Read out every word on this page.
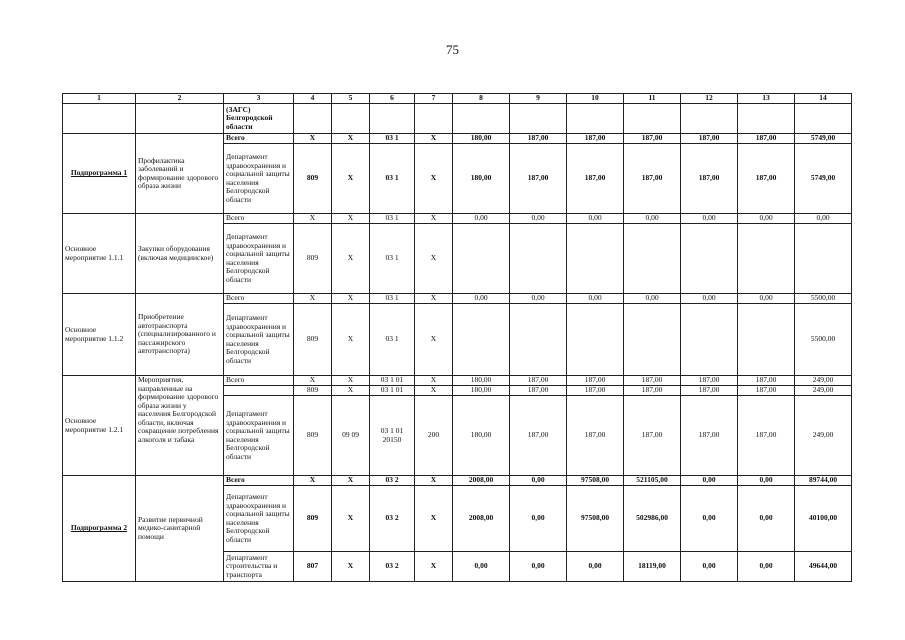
75
1	2	3	4	5	6	7	8	9	10	11	12	13	14
		(ЗАГС) Белгородской области											
Подпрограмма 1	Профилактика заболеваний и формирование здорового образа жизни	Всего	X	X	03 1	X	180,00	187,00	187,00	187,00	187,00	187,00	5749,00
		Департамент здравоохранения и социальной защиты населения Белгородской области	809	X	03 1	X	180,00	187,00	187,00	187,00	187,00	187,00	5749,00
Основное мероприятие 1.1.1	Закупки оборудования (включая медицинское)	Всего	X	X	03 1	X	0,00	0,00	0,00	0,00	0,00	0,00	0,00
		Департамент здравоохранения и социальной защиты населения Белгородской области	809	X	03 1	X							
Основное мероприятие 1.1.2	Приобретение автотранспорта (специализированного и пассажирского автотранспорта)	Всего	X	X	03 1	X	0,00	0,00	0,00	0,00	0,00	0,00	5500,00
		Департамент здравоохранения и социальной защиты населения Белгородской области	809	X	03 1	X							5500,00
Основное мероприятие 1.2.1	Мероприятия, направленные на формирование здорового образа жизни у населения Белгородской области, включая сокращение потребления алкоголя и табака	Всего	X	X	03 1 01	X	180,00	187,00	187,00	187,00	187,00	187,00	249,00
			809	X	03 1 01	X	180,00	187,00	187,00	187,00	187,00	187,00	249,00
		Департамент здравоохранения и социальной защиты населения Белгородской области	809	09 09	03 1 01 20150	200	180,00	187,00	187,00	187,00	187,00	187,00	249,00
Подпрограмма 2	Развитие первичной медико-санитарной помощи	Всего	X	X	03 2	X	2008,00	0,00	97508,00	521105,00	0,00	0,00	89744,00
		Департамент здравоохранения и социальной защиты населения Белгородской области	809	X	03 2	X	2008,00	0,00	97508,00	502986,00	0,00	0,00	40100,00
		Департамент строительства и транспорта	807	X	03 2	X	0,00	0,00	0,00	18119,00	0,00	0,00	49644,00
